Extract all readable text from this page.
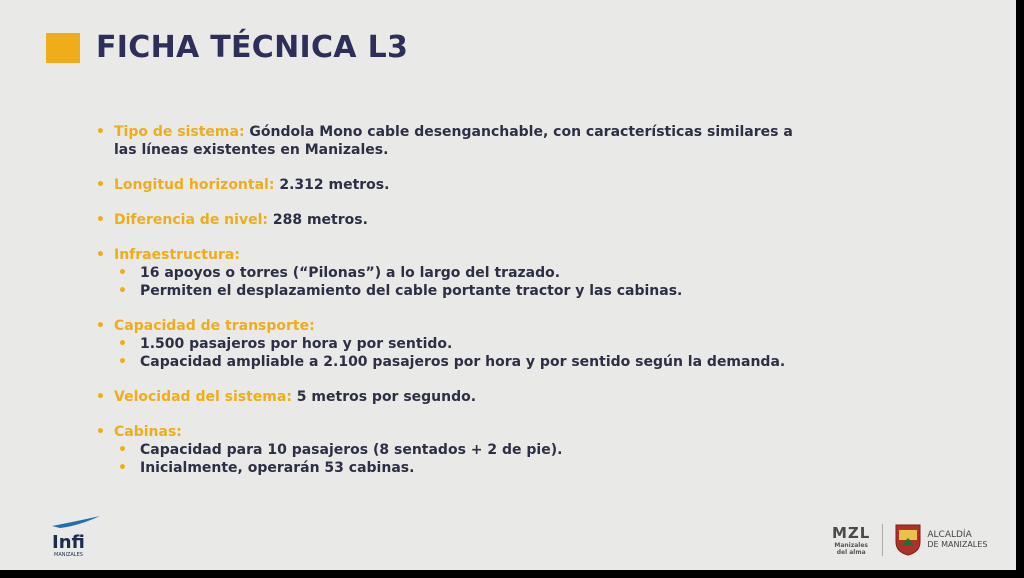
FICHA TÉCNICA L3
• Tipo de sistema: Góndola Mono cable desenganchable, con características similares a
las líneas existentes en Manizales.
• Longitud horizontal: 2.312 metros.
• Diferencia de nivel: 288 metros.
• Infraestructura:
• 16 apoyos o torres (“Pilonas”) a lo largo del trazado.
• Permiten el desplazamiento del cable portante tractor y las cabinas.
• Capacidad de transporte:
• 1.500 pasajeros por hora y por sentido.
• Capacidad ampliable a 2.100 pasajeros por hora y por sentido según la demanda.
• Velocidad del sistema: 5 metros por segundo.
• Cabinas:
• Capacidad para 10 pasajeros (8 sentados + 2 de pie).
• Inicialmente, operarán 53 cabinas.
Infi
MANIZALES
MZL
Manizales
del alma
ALCALDÍA
DE MANIZALES
